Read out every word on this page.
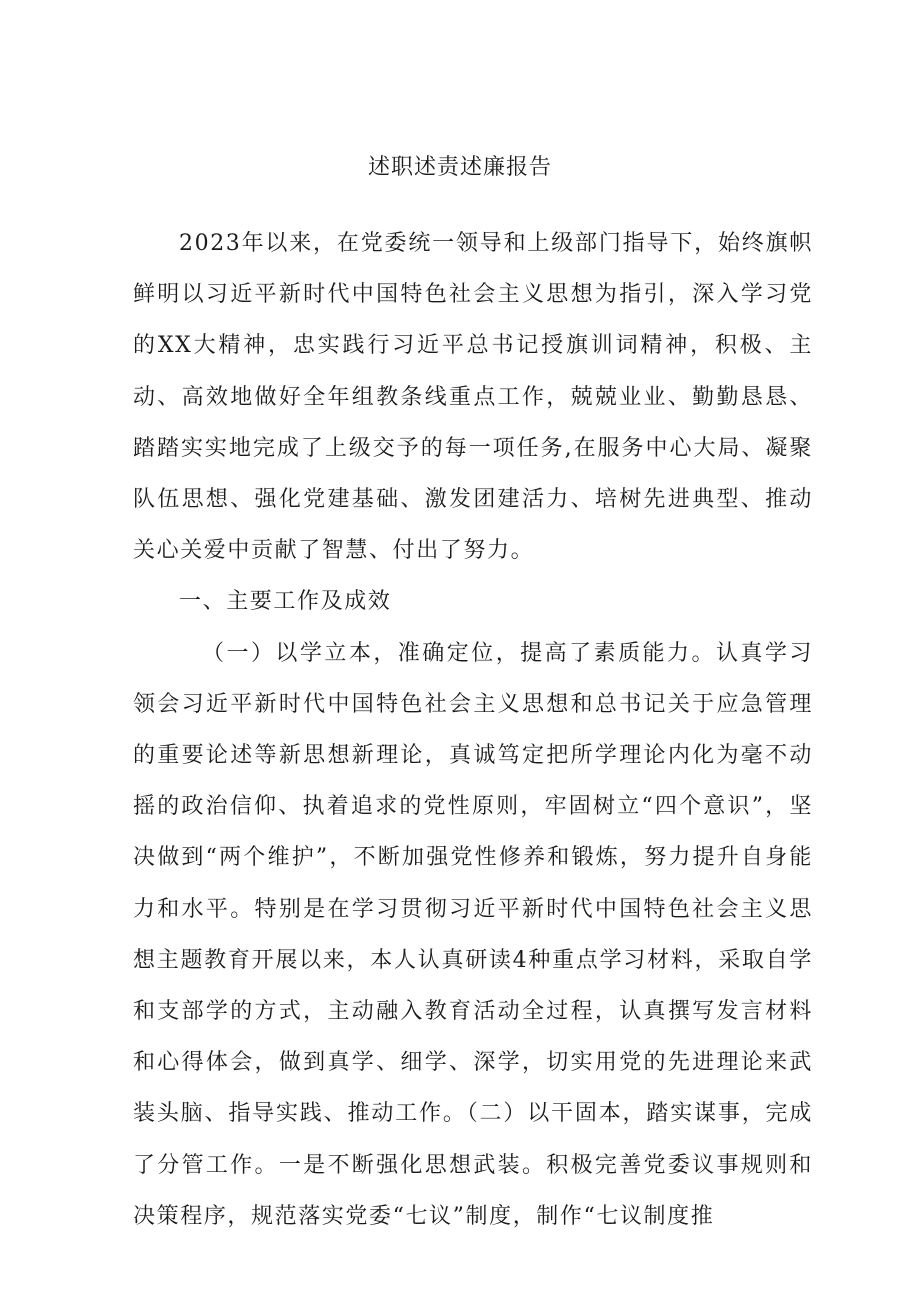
述职述责述廉报告

2023年以来，在党委统一领导和上级部门指导下，始终旗帜鲜明以习近平新时代中国特色社会主义思想为指引，深入学习党的XX大精神，忠实践行习近平总书记授旗训词精神，积极、主动、高效地做好全年组教条线重点工作，兢兢业业、勤勤恳恳、踏踏实实地完成了上级交予的每一项任务,在服务中心大局、凝聚队伍思想、强化党建基础、激发团建活力、培树先进典型、推动关心关爱中贡献了智慧、付出了努力。

一、主要工作及成效

（一）以学立本，准确定位，提高了素质能力。认真学习领会习近平新时代中国特色社会主义思想和总书记关于应急管理的重要论述等新思想新理论，真诚笃定把所学理论内化为毫不动摇的政治信仰、执着追求的党性原则，牢固树立“四个意识”，坚决做到“两个维护”，不断加强党性修养和锻炼，努力提升自身能力和水平。特别是在学习贯彻习近平新时代中国特色社会主义思想主题教育开展以来，本人认真研读4种重点学习材料，采取自学和支部学的方式，主动融入教育活动全过程，认真撰写发言材料和心得体会，做到真学、细学、深学，切实用党的先进理论来武装头脑、指导实践、推动工作。（二）以干固本，踏实谋事，完成了分管工作。一是不断强化思想武装。积极完善党委议事规则和决策程序，规范落实党委“七议”制度，制作“七议制度推
